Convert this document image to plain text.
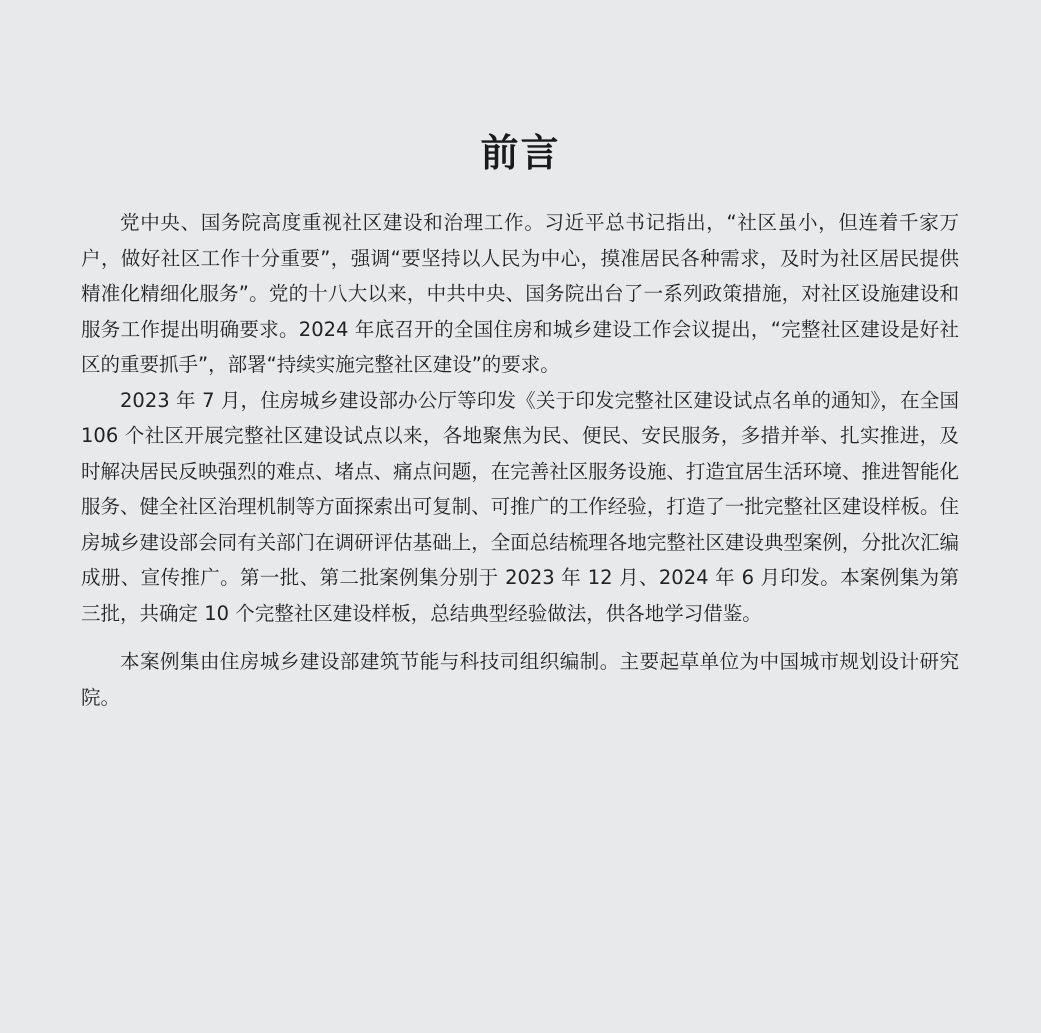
前言

党中央、国务院高度重视社区建设和治理工作。习近平总书记指出，“社区虽小，但连着千家万户，做好社区工作十分重要”，强调“要坚持以人民为中心，摸准居民各种需求，及时为社区居民提供精准化精细化服务”。党的十八大以来，中共中央、国务院出台了一系列政策措施，对社区设施建设和服务工作提出明确要求。2024 年底召开的全国住房和城乡建设工作会议提出，“完整社区建设是好社区的重要抓手”，部署“持续实施完整社区建设”的要求。

2023 年 7 月，住房城乡建设部办公厅等印发《关于印发完整社区建设试点名单的通知》，在全国 106 个社区开展完整社区建设试点以来，各地聚焦为民、便民、安民服务，多措并举、扎实推进，及时解决居民反映强烈的难点、堵点、痛点问题，在完善社区服务设施、打造宜居生活环境、推进智能化服务、健全社区治理机制等方面探索出可复制、可推广的工作经验，打造了一批完整社区建设样板。住房城乡建设部会同有关部门在调研评估基础上，全面总结梳理各地完整社区建设典型案例，分批次汇编成册、宣传推广。第一批、第二批案例集分别于 2023 年 12 月、2024 年 6 月印发。本案例集为第三批，共确定 10 个完整社区建设样板，总结典型经验做法，供各地学习借鉴。

本案例集由住房城乡建设部建筑节能与科技司组织编制。主要起草单位为中国城市规划设计研究院。
